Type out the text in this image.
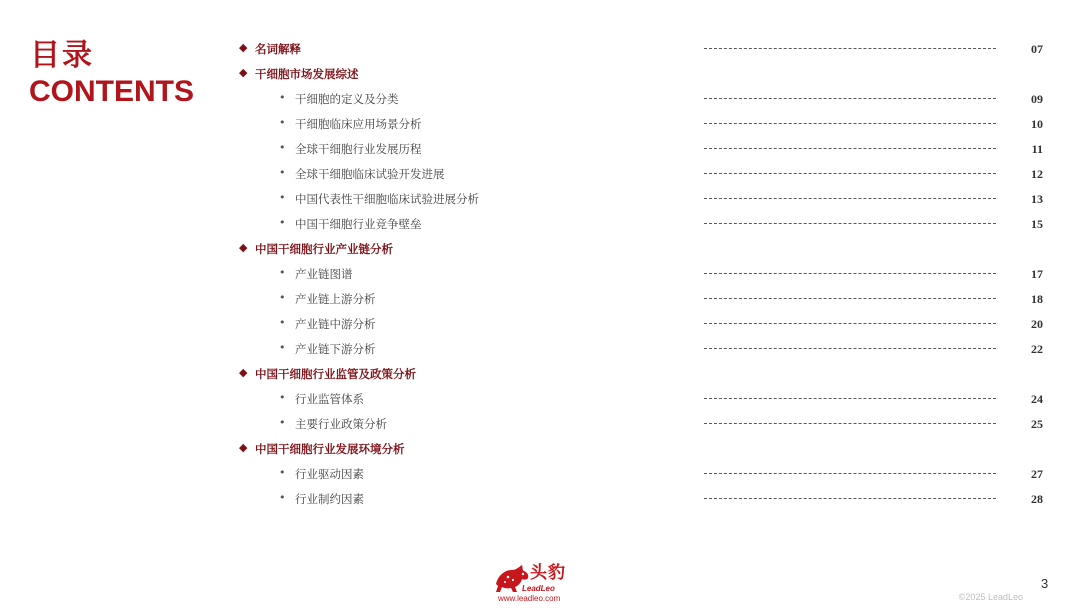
目录
CONTENTS
◆ 名词解释	07
◆ 干细胞市场发展综述
• 干细胞的定义及分类	09
• 干细胞临床应用场景分析	10
• 全球干细胞行业发展历程	11
• 全球干细胞临床试验开发进展	12
• 中国代表性干细胞临床试验进展分析	13
• 中国干细胞行业竞争壁垒	15
◆ 中国干细胞行业产业链分析
• 产业链图谱	17
• 产业链上游分析	18
• 产业链中游分析	20
• 产业链下游分析	22
◆ 中国干细胞行业监管及政策分析
• 行业监管体系	24
• 主要行业政策分析	25
◆ 中国干细胞行业发展环境分析
• 行业驱动因素	27
• 行业制约因素	28
头豹
LeadLeo
www.leadleo.com
3
©2025 LeadLeo
